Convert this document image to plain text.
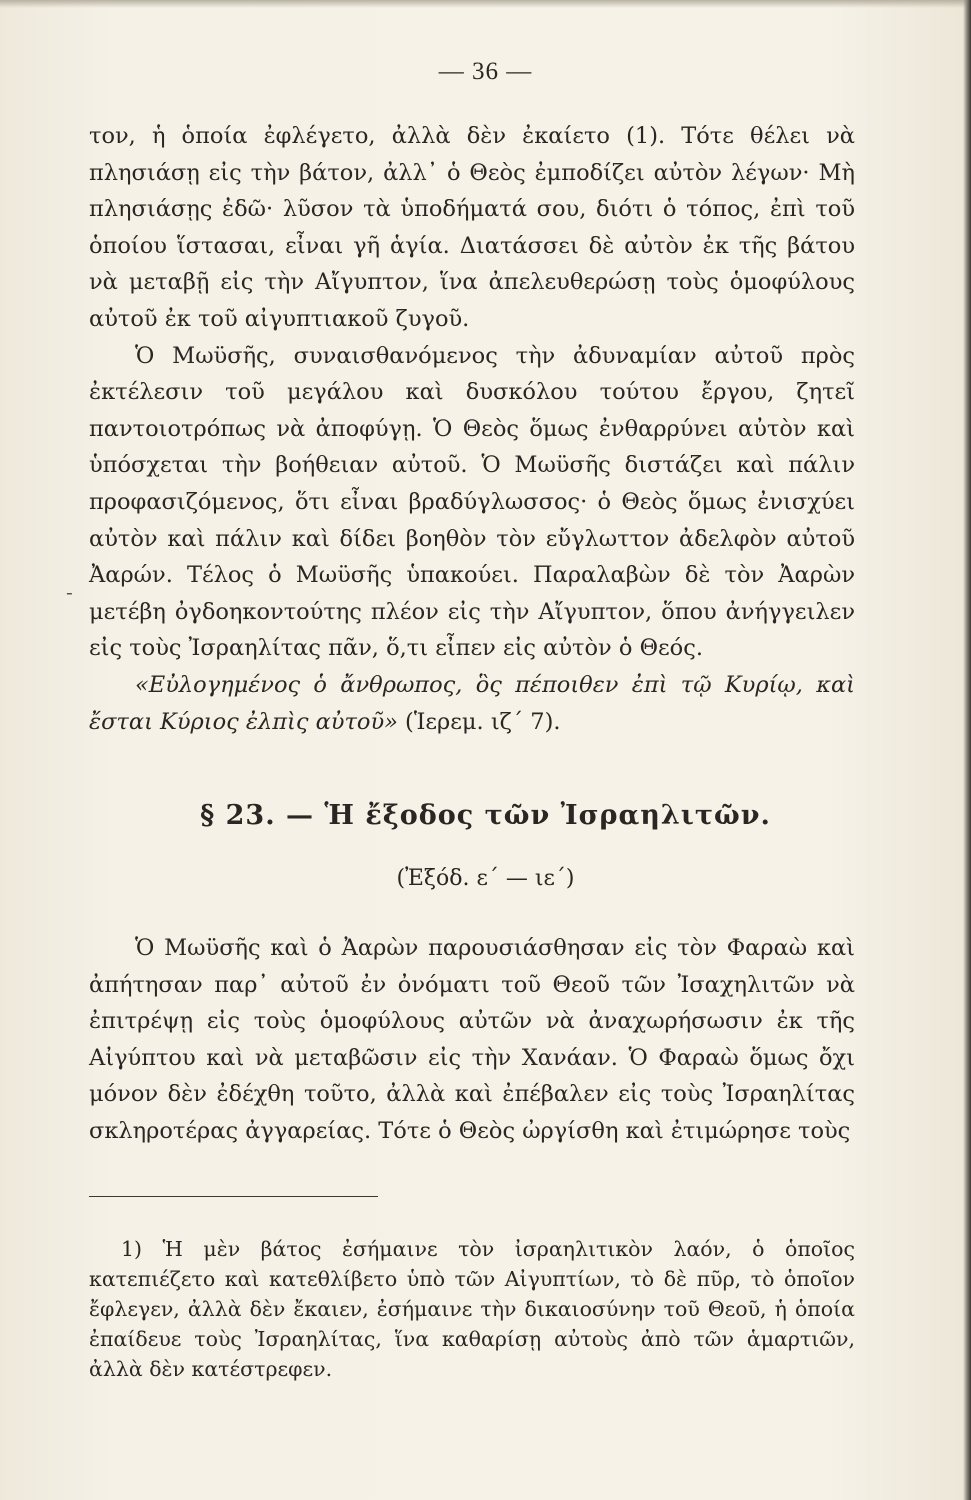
— 36 —

τον, ἡ ὁποία ἐφλέγετο, ἀλλὰ δὲν ἐκαίετο (1). Τότε θέλει νὰ πλησιάσῃ εἰς τὴν βάτον, ἀλλ᾽ ὁ Θεὸς ἐμποδίζει αὐτὸν λέγων· Μὴ πλησιάσῃς ἐδῶ· λῦσον τὰ ὑποδήματά σου, διότι ὁ τόπος, ἐπὶ τοῦ ὁποίου ἵστασαι, εἶναι γῆ ἁγία. Διατάσσει δὲ αὐτὸν ἐκ τῆς βάτου νὰ μεταβῇ εἰς τὴν Αἴγυπτον, ἵνα ἀπελευθερώσῃ τοὺς ὁμοφύλους αὐτοῦ ἐκ τοῦ αἰγυπτιακοῦ ζυγοῦ.

Ὁ Μωϋσῆς, συναισθανόμενος τὴν ἀδυναμίαν αὐτοῦ πρὸς ἐκτέλεσιν τοῦ μεγάλου καὶ δυσκόλου τούτου ἔργου, ζητεῖ παντοιοτρόπως νὰ ἀποφύγῃ. Ὁ Θεὸς ὅμως ἐνθαρρύνει αὐτὸν καὶ ὑπόσχεται τὴν βοήθειαν αὐτοῦ. Ὁ Μωϋσῆς διστάζει καὶ πάλιν προφασιζόμενος, ὅτι εἶναι βραδύγλωσσος· ὁ Θεὸς ὅμως ἐνισχύει αὐτὸν καὶ πάλιν καὶ δίδει βοηθὸν τὸν εὔγλωττον ἀδελφὸν αὐτοῦ Ἀαρών. Τέλος ὁ Μωϋσῆς ὑπακούει. Παραλαβὼν δὲ τὸν Ἀαρὼν μετέβη ὀγδοηκοντούτης πλέον εἰς τὴν Αἴγυπτον, ὅπου ἀνήγγειλεν εἰς τοὺς Ἰσραηλίτας πᾶν, ὅ,τι εἶπεν εἰς αὐτὸν ὁ Θεός.

«Εὐλογημένος ὁ ἄνθρωπος, ὃς πέποιθεν ἐπὶ τῷ Κυρίῳ, καὶ ἔσται Κύριος ἐλπὶς αὐτοῦ» (Ἱερεμ. ιζ΄ 7).

-
§ 23. — Ἡ ἔξοδος τῶν Ἰσραηλιτῶν.
(Ἐξόδ. ε΄ — ιε΄)

Ὁ Μωϋσῆς καὶ ὁ Ἀαρὼν παρουσιάσθησαν εἰς τὸν Φαραὼ καὶ ἀπήτησαν παρ᾽ αὐτοῦ ἐν ὀνόματι τοῦ Θεοῦ τῶν Ἰσαχηλιτῶν νὰ ἐπιτρέψῃ εἰς τοὺς ὁμοφύλους αὐτῶν νὰ ἀναχωρήσωσιν ἐκ τῆς Αἰγύπτου καὶ νὰ μεταβῶσιν εἰς τὴν Χανάαν. Ὁ Φαραὼ ὅμως ὄχι μόνον δὲν ἐδέχθη τοῦτο, ἀλλὰ καὶ ἐπέβαλεν εἰς τοὺς Ἰσραηλίτας σκληροτέρας ἀγγαρείας. Τότε ὁ Θεὸς ὠργίσθη καὶ ἐτιμώρησε τοὺς

1) Ἡ μὲν βάτος ἐσήμαινε τὸν ἰσραηλιτικὸν λαόν, ὁ ὁποῖος κατεπιέζετο καὶ κατεθλίβετο ὑπὸ τῶν Αἰγυπτίων, τὸ δὲ πῦρ, τὸ ὁποῖον ἔφλεγεν, ἀλλὰ δὲν ἔκαιεν, ἐσήμαινε τὴν δικαιοσύνην τοῦ Θεοῦ, ἡ ὁποία ἐπαίδευε τοὺς Ἰσραηλίτας, ἵνα καθαρίσῃ αὐτοὺς ἀπὸ τῶν ἁμαρτιῶν, ἀλλὰ δὲν κατέστρεφεν.
